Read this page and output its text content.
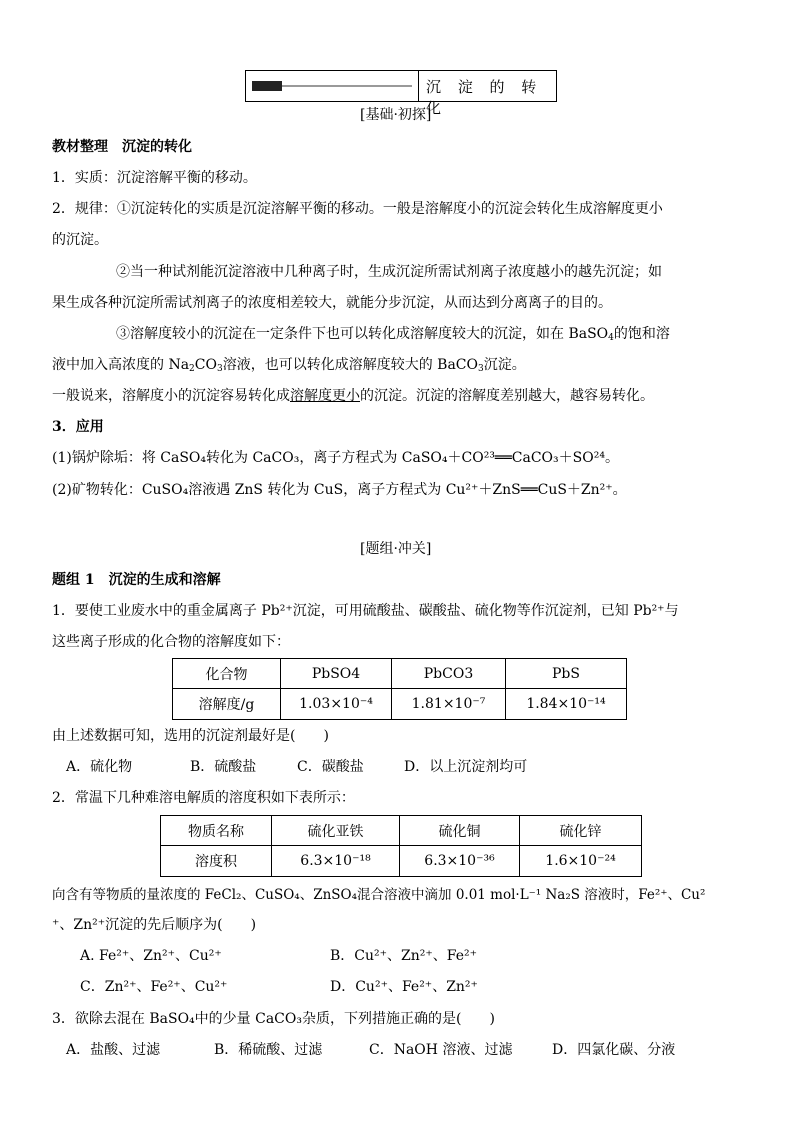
沉 淀 的 转 化
[基础·初探]
教材整理　沉淀的转化
1．实质：沉淀溶解平衡的移动。
2．规律：①沉淀转化的实质是沉淀溶解平衡的移动。一般是溶解度小的沉淀会转化生成溶解度更小
的沉淀。
②当一种试剂能沉淀溶液中几种离子时，生成沉淀所需试剂离子浓度越小的越先沉淀；如
果生成各种沉淀所需试剂离子的浓度相差较大，就能分步沉淀，从而达到分离离子的目的。
③溶解度较小的沉淀在一定条件下也可以转化成溶解度较大的沉淀，如在 BaSO$_4$的饱和溶
液中加入高浓度的 $Na_2CO_3$溶液，也可以转化成溶解度较大的 BaCO$_3$沉淀。
一般说来，溶解度小的沉淀容易转化成溶解度更小的沉淀。沉淀的溶解度差别越大，越容易转化。
3．应用
(1)锅炉除垢：将 CaSO₄转化为 CaCO₃，离子方程式为 CaSO₄＋CO²³══CaCO₃＋SO²⁴。
(2)矿物转化：CuSO₄溶液遇 ZnS 转化为 CuS，离子方程式为 Cu²⁺＋ZnS══CuS＋Zn²⁺。
[题组·冲关]
题组 1　沉淀的生成和溶解
1．要使工业废水中的重金属离子 Pb²⁺沉淀，可用硫酸盐、碳酸盐、硫化物等作沉淀剂，已知 Pb²⁺与
这些离子形成的化合物的溶解度如下：
化合物	PbSO4	PbCO3	PbS
溶解度/g	1.03×10⁻⁴	1.81×10⁻⁷	1.84×10⁻¹⁴
由上述数据可知，选用的沉淀剂最好是(　　)
A．硫化物	B．硫酸盐	C．碳酸盐	D．以上沉淀剂均可
2．常温下几种难溶电解质的溶度积如下表所示：
物质名称	硫化亚铁	硫化铜	硫化锌
溶度积	6.3×10⁻¹⁸	6.3×10⁻³⁶	1.6×10⁻²⁴
向含有等物质的量浓度的 FeCl₂、CuSO₄、ZnSO₄混合溶液中滴加 0.01 mol·L⁻¹ Na₂S 溶液时，Fe²⁺、Cu²
⁺、Zn²⁺沉淀的先后顺序为(　　)
A. Fe²⁺、Zn²⁺、Cu²⁺	B．Cu²⁺、Zn²⁺、Fe²⁺
C．Zn²⁺、Fe²⁺、Cu²⁺	D．Cu²⁺、Fe²⁺、Zn²⁺
3．欲除去混在 BaSO₄中的少量 CaCO₃杂质，下列措施正确的是(　　)
A．盐酸、过滤	B．稀硫酸、过滤	C．NaOH 溶液、过滤	D．四氯化碳、分液
